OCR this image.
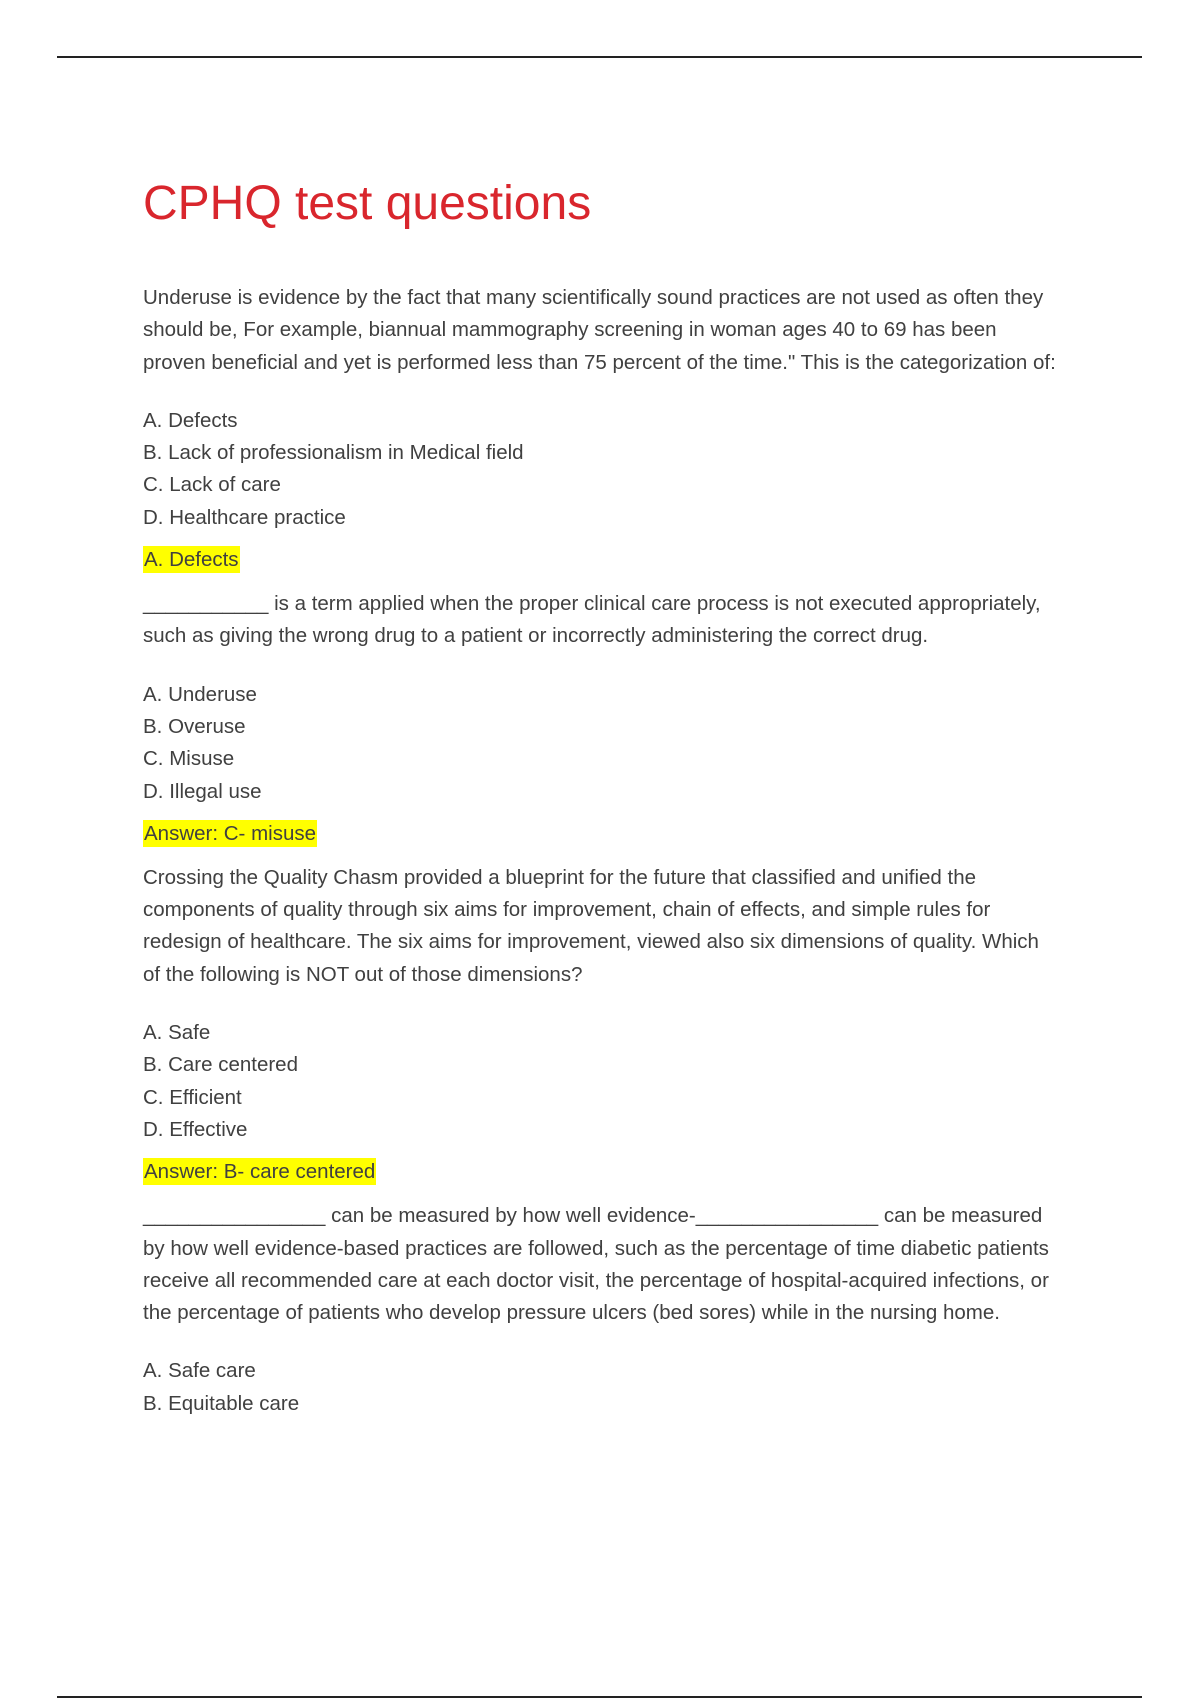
CPHQ test questions

Underuse is evidence by the fact that many scientifically sound practices are not used as often they should be, For example, biannual mammography screening in woman ages 40 to 69 has been proven beneficial and yet is performed less than 75 percent of the time." This is the categorization of:

A. Defects
B. Lack of professionalism in Medical field
C. Lack of care
D. Healthcare practice
A. Defects

___________ is a term applied when the proper clinical care process is not executed appropriately, such as giving the wrong drug to a patient or incorrectly administering the correct drug.

A. Underuse
B. Overuse
C. Misuse
D. Illegal use
Answer: C- misuse

Crossing the Quality Chasm provided a blueprint for the future that classified and unified the components of quality through six aims for improvement, chain of effects, and simple rules for redesign of healthcare. The six aims for improvement, viewed also six dimensions of quality. Which of the following is NOT out of those dimensions?

A. Safe
B. Care centered
C. Efficient
D. Effective
Answer: B- care centered

________________ can be measured by how well evidence-________________ can be measured by how well evidence-based practices are followed, such as the percentage of time diabetic patients receive all recommended care at each doctor visit, the percentage of hospital-acquired infections, or the percentage of patients who develop pressure ulcers (bed sores) while in the nursing home.

A. Safe care
B. Equitable care
